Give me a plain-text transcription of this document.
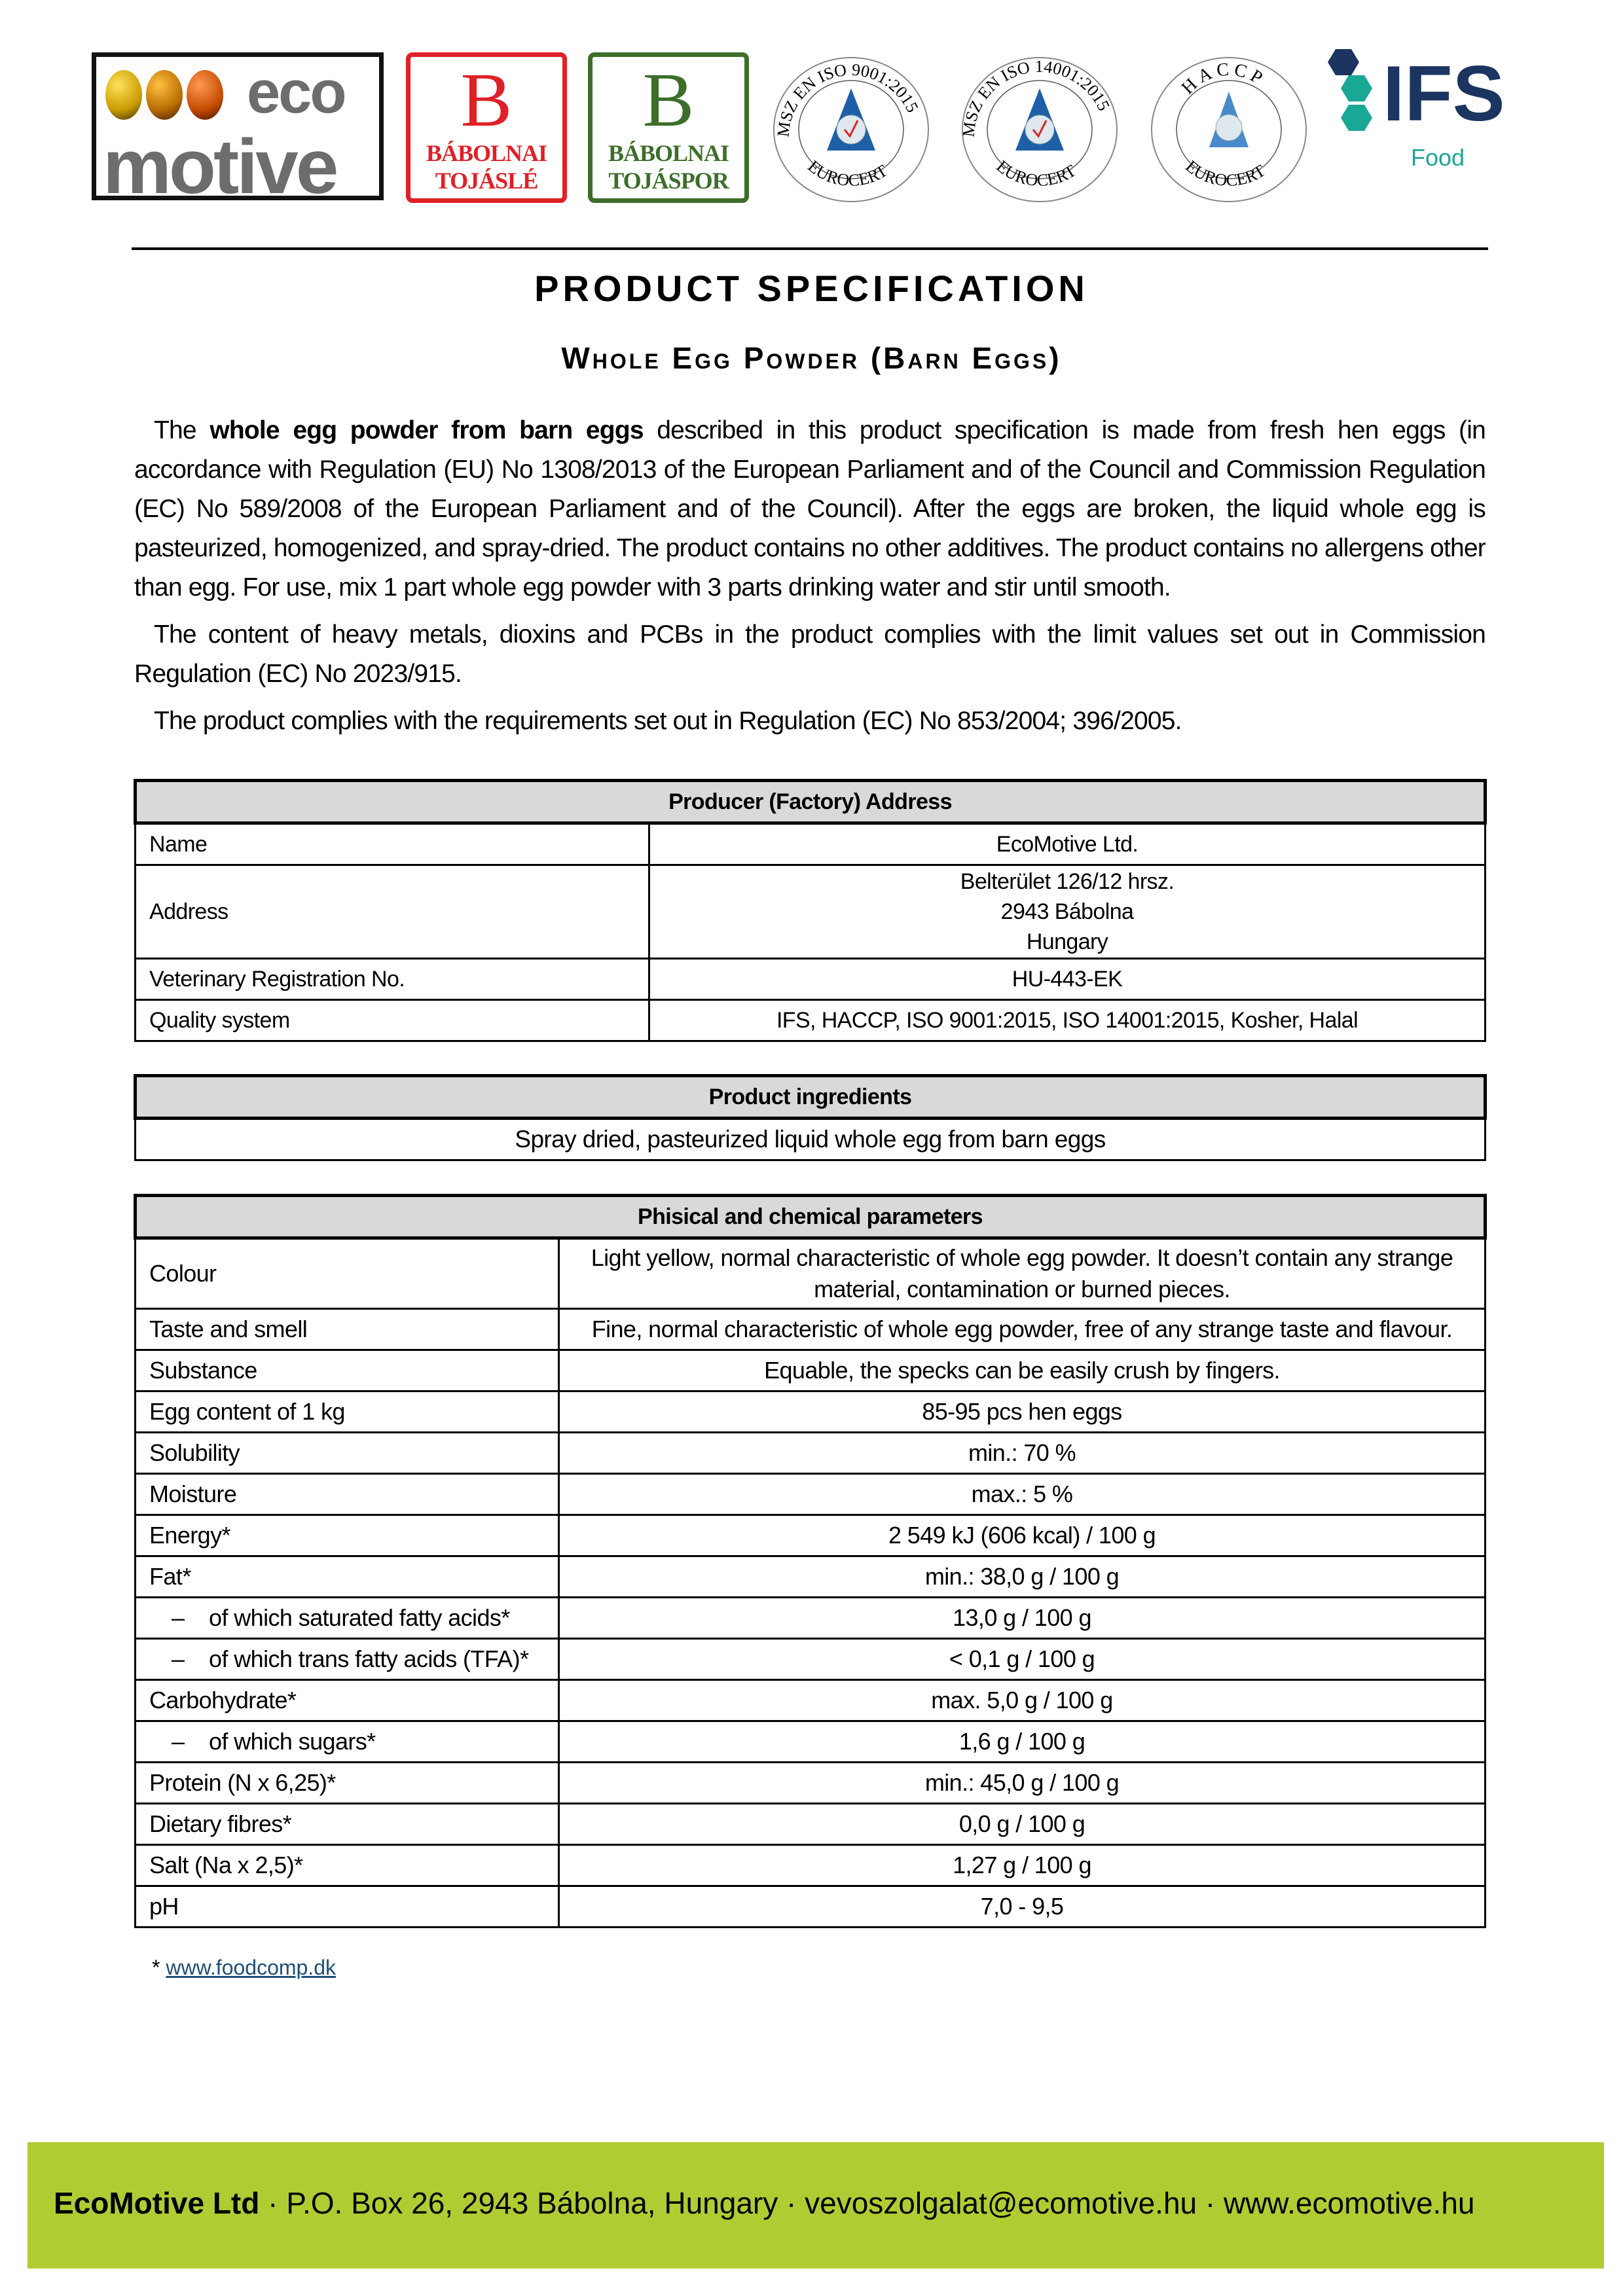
eco
motive
B
BÁBOLNAI
TOJÁSLÉ
B
BÁBOLNAI
TOJÁSPOR
MSZ EN ISO 9001:2015
EUROCERT
MSZ EN ISO 14001:2015
EUROCERT
HACCP
EUROCERT
IFS
Food
PRODUCT SPECIFICATION
Whole Egg Powder (Barn Eggs)

The whole egg powder from barn eggs described in this product specification is made from fresh hen eggs (in accordance with Regulation (EU) No 1308/2013 of the European Parliament and of the Council and Commission Regulation (EC) No 589/2008 of the European Parliament and of the Council). After the eggs are broken, the liquid whole egg is pasteurized, homogenized, and spray-dried. The product contains no other additives. The product contains no allergens other than egg. For use, mix 1 part whole egg powder with 3 parts drinking water and stir until smooth.

The content of heavy metals, dioxins and PCBs in the product complies with the limit values set out in Commission Regulation (EC) No 2023/915.

The product complies with the requirements set out in Regulation (EC) No 853/2004; 396/2005.

Producer (Factory) Address	
Name	EcoMotive Ltd.
Address	Belterület 126/12 hrsz.
2943 Bábolna
Hungary

Veterinary Registration No.	HU-443-EK
Quality system	IFS, HACCP, ISO 9001:2015, ISO 14001:2015, Kosher, Halal
Product ingredients
Spray dried, pasteurized liquid whole egg from barn eggs
Phisical and chemical parameters	
Colour	Light yellow, normal characteristic of whole egg powder. It doesn’t contain any strange material, contamination or burned pieces.
Taste and smell	Fine, normal characteristic of whole egg powder, free of any strange taste and flavour.
Substance	Equable, the specks can be easily crush by fingers.
Egg content of 1 kg	85-95 pcs hen eggs
Solubility	min.: 70 %
Moisture	max.: 5 %
Energy*	2 549 kJ (606 kcal) / 100 g
Fat*	min.: 38,0 g / 100 g
–    of which saturated fatty acids*	13,0 g / 100 g
–    of which trans fatty acids (TFA)*	< 0,1 g / 100 g
Carbohydrate*	max. 5,0 g / 100 g
–    of which sugars*	1,6 g / 100 g
Protein (N x 6,25)*	min.: 45,0 g / 100 g
Dietary fibres*	0,0 g / 100 g
Salt (Na x 2,5)*	1,27 g / 100 g
pH	7,0 - 9,5
* www.foodcomp.dk
EcoMotive Ltd · P.O. Box 26, 2943 Bábolna, Hungary · vevoszolgalat@ecomotive.hu · www.ecomotive.hu
